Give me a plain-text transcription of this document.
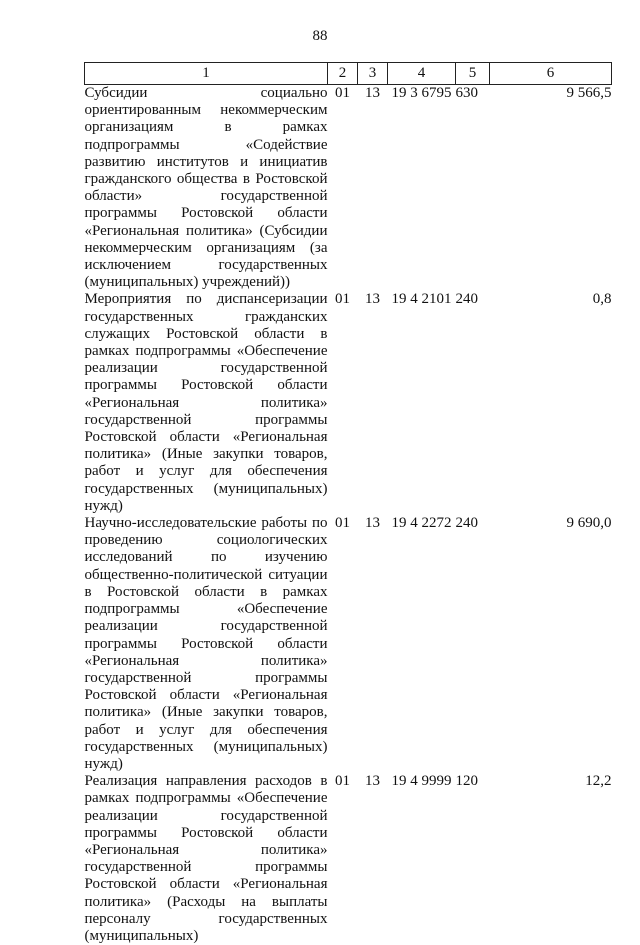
88
1	2	3	4	5	6
Субсидии социально ориентированным некоммерческим организациям в рамках подпрограммы «Содействие развитию институтов и инициатив гражданского общества в Ростовской области» государственной программы Ростовской области «Региональная политика» (Субсидии некоммерческим организациям (за исключением государственных (муниципальных) учреждений))	01	13	19 3 6795	630	9 566,5
Мероприятия по диспансеризации государственных гражданских служащих Ростовской области в рамках подпрограммы «Обеспечение реализации государственной программы Ростовской области «Региональная политика» государственной программы Ростовской области «Региональная политика» (Иные закупки товаров, работ и услуг для обеспечения государственных (муниципальных) нужд)	01	13	19 4 2101	240	0,8
Научно-исследовательские работы по проведению социологических исследований по изучению общественно-политической ситуации в Ростовской области в рамках подпрограммы «Обеспечение реализации государственной программы Ростовской области «Региональная политика» государственной программы Ростовской области «Региональная политика» (Иные закупки товаров, работ и услуг для обеспечения государственных (муниципальных) нужд)	01	13	19 4 2272	240	9 690,0
Реализация направления расходов в рамках подпрограммы «Обеспечение реализации государственной программы Ростовской области «Региональная политика» государственной программы Ростовской области «Региональная политика» (Расходы на выплаты персоналу государственных (муниципальных)	01	13	19 4 9999	120	12,2
